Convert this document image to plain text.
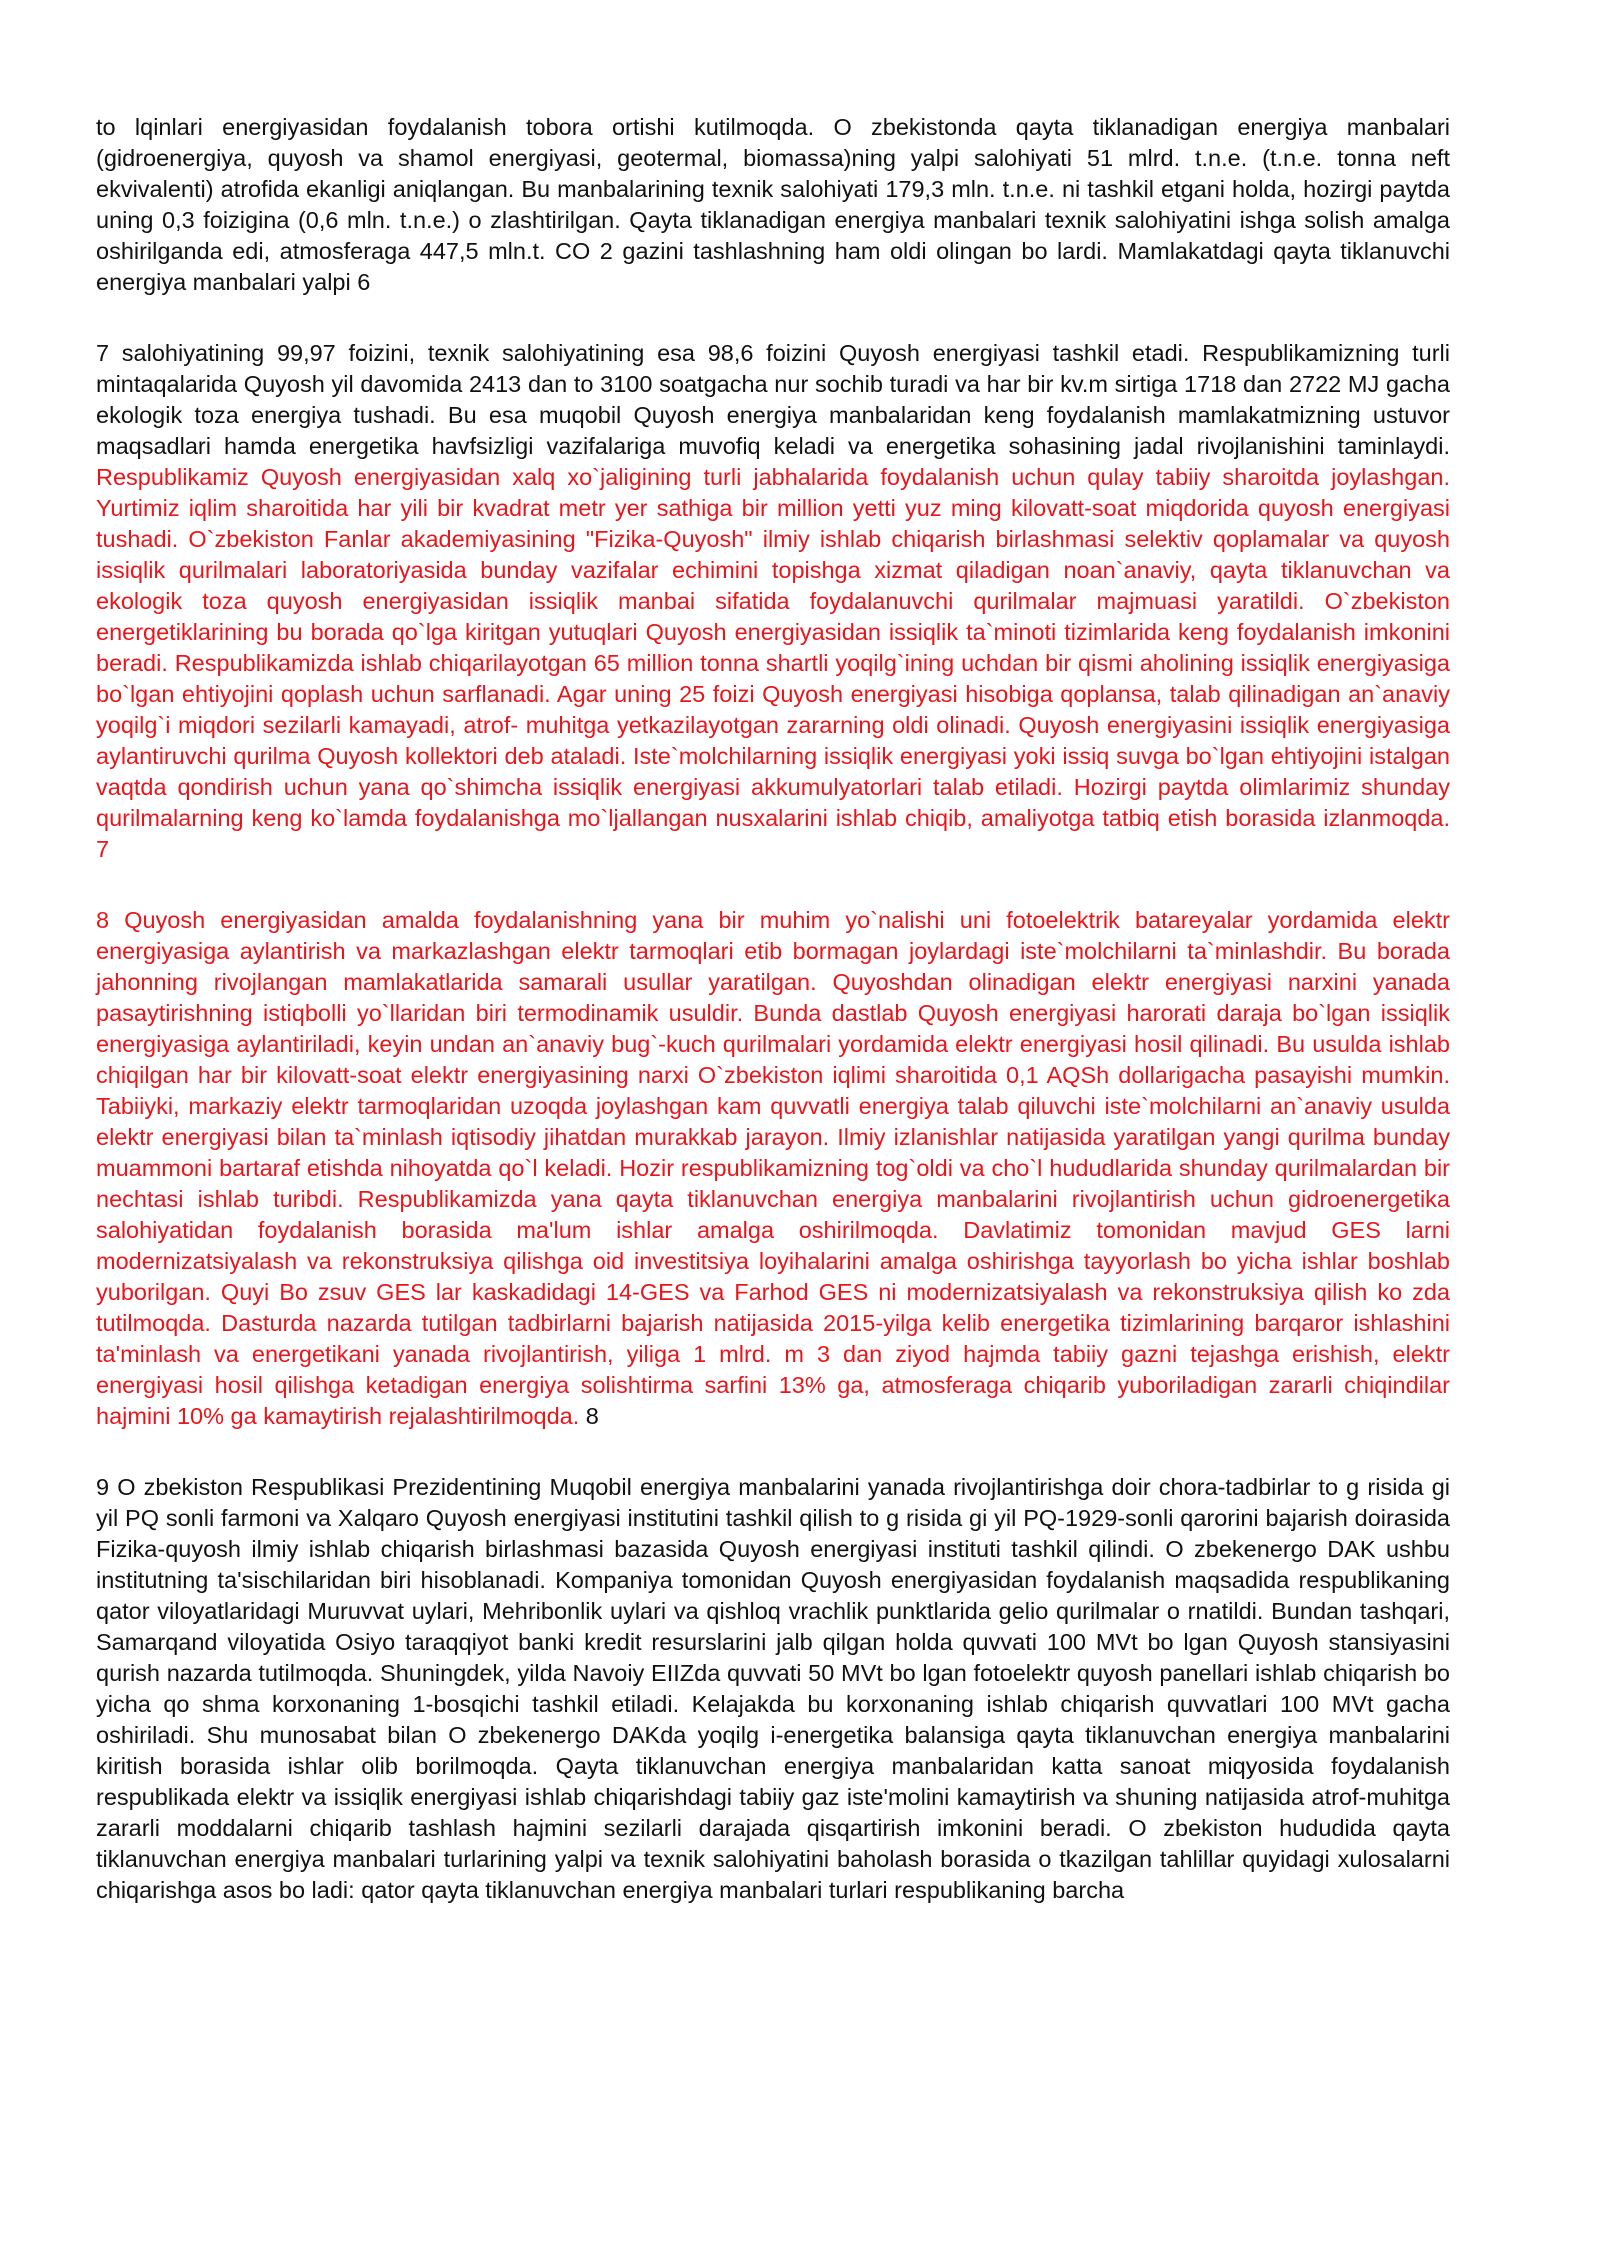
to lqinlari energiyasidan foydalanish tobora ortishi kutilmoqda. O zbekistonda qayta tiklanadigan energiya manbalari (gidroenergiya, quyosh va shamol energiyasi, geotermal, biomassa)ning yalpi salohiyati 51 mlrd. t.n.e. (t.n.e. tonna neft ekvivalenti) atrofida ekanligi aniqlangan. Bu manbalarining texnik salohiyati 179,3 mln. t.n.e. ni tashkil etgani holda, hozirgi paytda uning 0,3 foizigina (0,6 mln. t.n.e.) o zlashtirilgan. Qayta tiklanadigan energiya manbalari texnik salohiyatini ishga solish amalga oshirilganda edi, atmosferaga 447,5 mln.t. CO 2 gazini tashlashning ham oldi olingan bo lardi. Mamlakatdagi qayta tiklanuvchi energiya manbalari yalpi 6

7 salohiyatining 99,97 foizini, texnik salohiyatining esa 98,6 foizini Quyosh energiyasi tashkil etadi. Respublikamizning turli mintaqalarida Quyosh yil davomida 2413 dan to 3100 soatgacha nur sochib turadi va har bir kv.m sirtiga 1718 dan 2722 MJ gacha ekologik toza energiya tushadi. Bu esa muqobil Quyosh energiya manbalaridan keng foydalanish mamlakatmizning ustuvor maqsadlari hamda energetika havfsizligi vazifalariga muvofiq keladi va energetika sohasining jadal rivojlanishini taminlaydi. Respublikamiz Quyosh energiyasidan xalq xo`jaligining turli jabhalarida foydalanish uchun qulay tabiiy sharoitda joylashgan. Yurtimiz iqlim sharoitida har yili bir kvadrat metr yer sathiga bir million yetti yuz ming kilovatt-soat miqdorida quyosh energiyasi tushadi. O`zbekiston Fanlar akademiyasining "Fizika-Quyosh" ilmiy ishlab chiqarish birlashmasi selektiv qoplamalar va quyosh issiqlik qurilmalari laboratoriyasida bunday vazifalar echimini topishga xizmat qiladigan noan`anaviy, qayta tiklanuvchan va ekologik toza quyosh energiyasidan issiqlik manbai sifatida foydalanuvchi qurilmalar majmuasi yaratildi. O`zbekiston energetiklarining bu borada qo`lga kiritgan yutuqlari Quyosh energiyasidan issiqlik ta`minoti tizimlarida keng foydalanish imkonini beradi. Respublikamizda ishlab chiqarilayotgan 65 million tonna shartli yoqilg`ining uchdan bir qismi aholining issiqlik energiyasiga bo`lgan ehtiyojini qoplash uchun sarflanadi. Agar uning 25 foizi Quyosh energiyasi hisobiga qoplansa, talab qilinadigan an`anaviy yoqilg`i miqdori sezilarli kamayadi, atrof- muhitga yetkazilayotgan zararning oldi olinadi. Quyosh energiyasini issiqlik energiyasiga aylantiruvchi qurilma Quyosh kollektori deb ataladi. Iste`molchilarning issiqlik energiyasi yoki issiq suvga bo`lgan ehtiyojini istalgan vaqtda qondirish uchun yana qo`shimcha issiqlik energiyasi akkumulyatorlari talab etiladi. Hozirgi paytda olimlarimiz shunday qurilmalarning keng ko`lamda foydalanishga mo`ljallangan nusxalarini ishlab chiqib, amaliyotga tatbiq etish borasida izlanmoqda. 7

8 Quyosh energiyasidan amalda foydalanishning yana bir muhim yo`nalishi uni fotoelektrik batareyalar yordamida elektr energiyasiga aylantirish va markazlashgan elektr tarmoqlari etib bormagan joylardagi iste`molchilarni ta`minlashdir. Bu borada jahonning rivojlangan mamlakatlarida samarali usullar yaratilgan. Quyoshdan olinadigan elektr energiyasi narxini yanada pasaytirishning istiqbolli yo`llaridan biri termodinamik usuldir. Bunda dastlab Quyosh energiyasi harorati daraja bo`lgan issiqlik energiyasiga aylantiriladi, keyin undan an`anaviy bug`-kuch qurilmalari yordamida elektr energiyasi hosil qilinadi. Bu usulda ishlab chiqilgan har bir kilovatt-soat elektr energiyasining narxi O`zbekiston iqlimi sharoitida 0,1 AQSh dollarigacha pasayishi mumkin. Tabiiyki, markaziy elektr tarmoqlaridan uzoqda joylashgan kam quvvatli energiya talab qiluvchi iste`molchilarni an`anaviy usulda elektr energiyasi bilan ta`minlash iqtisodiy jihatdan murakkab jarayon. Ilmiy izlanishlar natijasida yaratilgan yangi qurilma bunday muammoni bartaraf etishda nihoyatda qo`l keladi. Hozir respublikamizning tog`oldi va cho`l hududlarida shunday qurilmalardan bir nechtasi ishlab turibdi. Respublikamizda yana qayta tiklanuvchan energiya manbalarini rivojlantirish uchun gidroenergetika salohiyatidan foydalanish borasida ma'lum ishlar amalga oshirilmoqda. Davlatimiz tomonidan mavjud GES larni modernizatsiyalash va rekonstruksiya qilishga oid investitsiya loyihalarini amalga oshirishga tayyorlash bo yicha ishlar boshlab yuborilgan. Quyi Bo zsuv GES lar kaskadidagi 14-GES va Farhod GES ni modernizatsiyalash va rekonstruksiya qilish ko zda tutilmoqda. Dasturda nazarda tutilgan tadbirlarni bajarish natijasida 2015-yilga kelib energetika tizimlarining barqaror ishlashini ta'minlash va energetikani yanada rivojlantirish, yiliga 1 mlrd. m 3 dan ziyod hajmda tabiiy gazni tejashga erishish, elektr energiyasi hosil qilishga ketadigan energiya solishtirma sarfini 13% ga, atmosferaga chiqarib yuboriladigan zararli chiqindilar hajmini 10% ga kamaytirish rejalashtirilmoqda. 8

9 O zbekiston Respublikasi Prezidentining Muqobil energiya manbalarini yanada rivojlantirishga doir chora-tadbirlar to g risida gi yil PQ sonli farmoni va Xalqaro Quyosh energiyasi institutini tashkil qilish to g risida gi yil PQ-1929-sonli qarorini bajarish doirasida Fizika-quyosh ilmiy ishlab chiqarish birlashmasi bazasida Quyosh energiyasi instituti tashkil qilindi. O zbekenergo DAK ushbu institutning ta'sischilaridan biri hisoblanadi. Kompaniya tomonidan Quyosh energiyasidan foydalanish maqsadida respublikaning qator viloyatlaridagi Muruvvat uylari, Mehribonlik uylari va qishloq vrachlik punktlarida gelio qurilmalar o rnatildi. Bundan tashqari, Samarqand viloyatida Osiyo taraqqiyot banki kredit resurslarini jalb qilgan holda quvvati 100 MVt bo lgan Quyosh stansiyasini qurish nazarda tutilmoqda. Shuningdek, yilda Navoiy EIIZda quvvati 50 MVt bo lgan fotoelektr quyosh panellari ishlab chiqarish bo yicha qo shma korxonaning 1-bosqichi tashkil etiladi. Kelajakda bu korxonaning ishlab chiqarish quvvatlari 100 MVt gacha oshiriladi. Shu munosabat bilan O zbekenergo DAKda yoqilg i-energetika balansiga qayta tiklanuvchan energiya manbalarini kiritish borasida ishlar olib borilmoqda. Qayta tiklanuvchan energiya manbalaridan katta sanoat miqyosida foydalanish respublikada elektr va issiqlik energiyasi ishlab chiqarishdagi tabiiy gaz iste'molini kamaytirish va shuning natijasida atrof-muhitga zararli moddalarni chiqarib tashlash hajmini sezilarli darajada qisqartirish imkonini beradi. O zbekiston hududida qayta tiklanuvchan energiya manbalari turlarining yalpi va texnik salohiyatini baholash borasida o tkazilgan tahlillar quyidagi xulosalarni chiqarishga asos bo ladi: qator qayta tiklanuvchan energiya manbalari turlari respublikaning barcha
